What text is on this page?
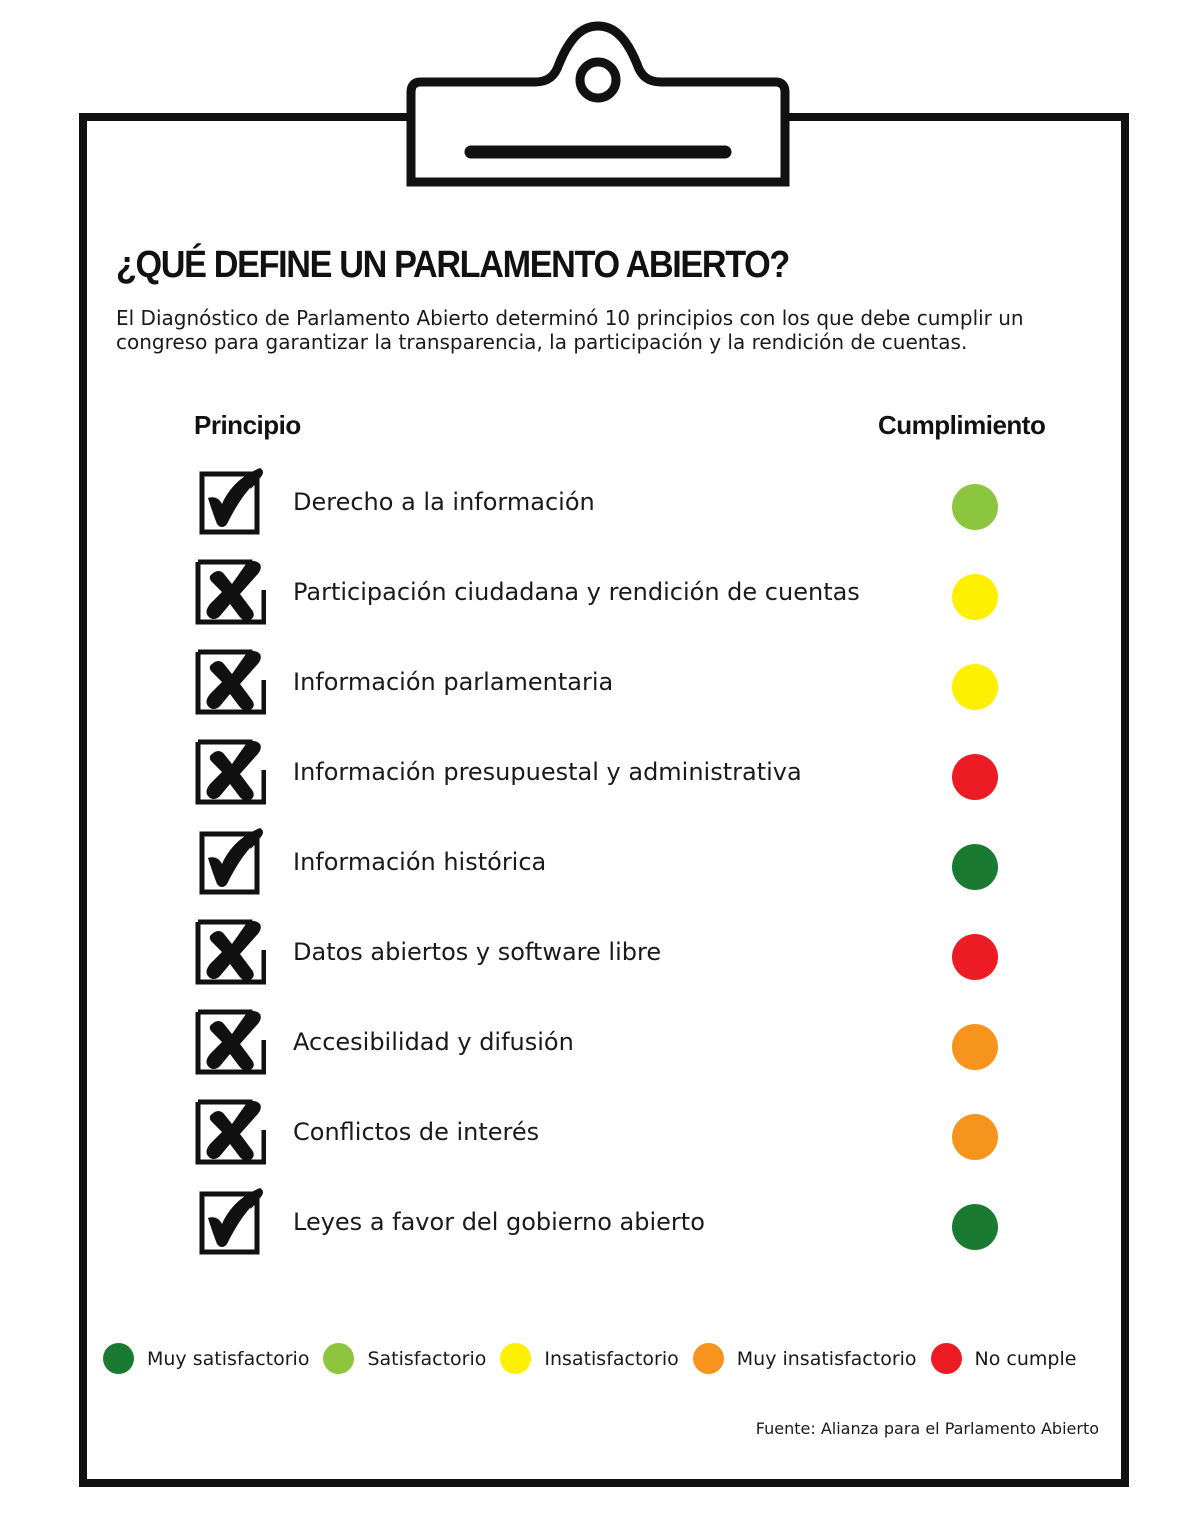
¿QUÉ DEFINE UN PARLAMENTO ABIERTO?
El Diagnóstico de Parlamento Abierto determinó 10 principios con los que debe cumplir un congreso para garantizar la transparencia, la participación y la rendición de cuentas.
Principio	Cumplimiento
Derecho a la información
Participación ciudadana y rendición de cuentas
Información parlamentaria
Información presupuestal y administrativa
Información histórica
Datos abiertos y software libre
Accesibilidad y difusión
Conflictos de interés
Leyes a favor del gobierno abierto
Muy satisfactorio	Satisfactorio	Insatisfactorio	Muy insatisfactorio	No cumple
Fuente: Alianza para el Parlamento Abierto
